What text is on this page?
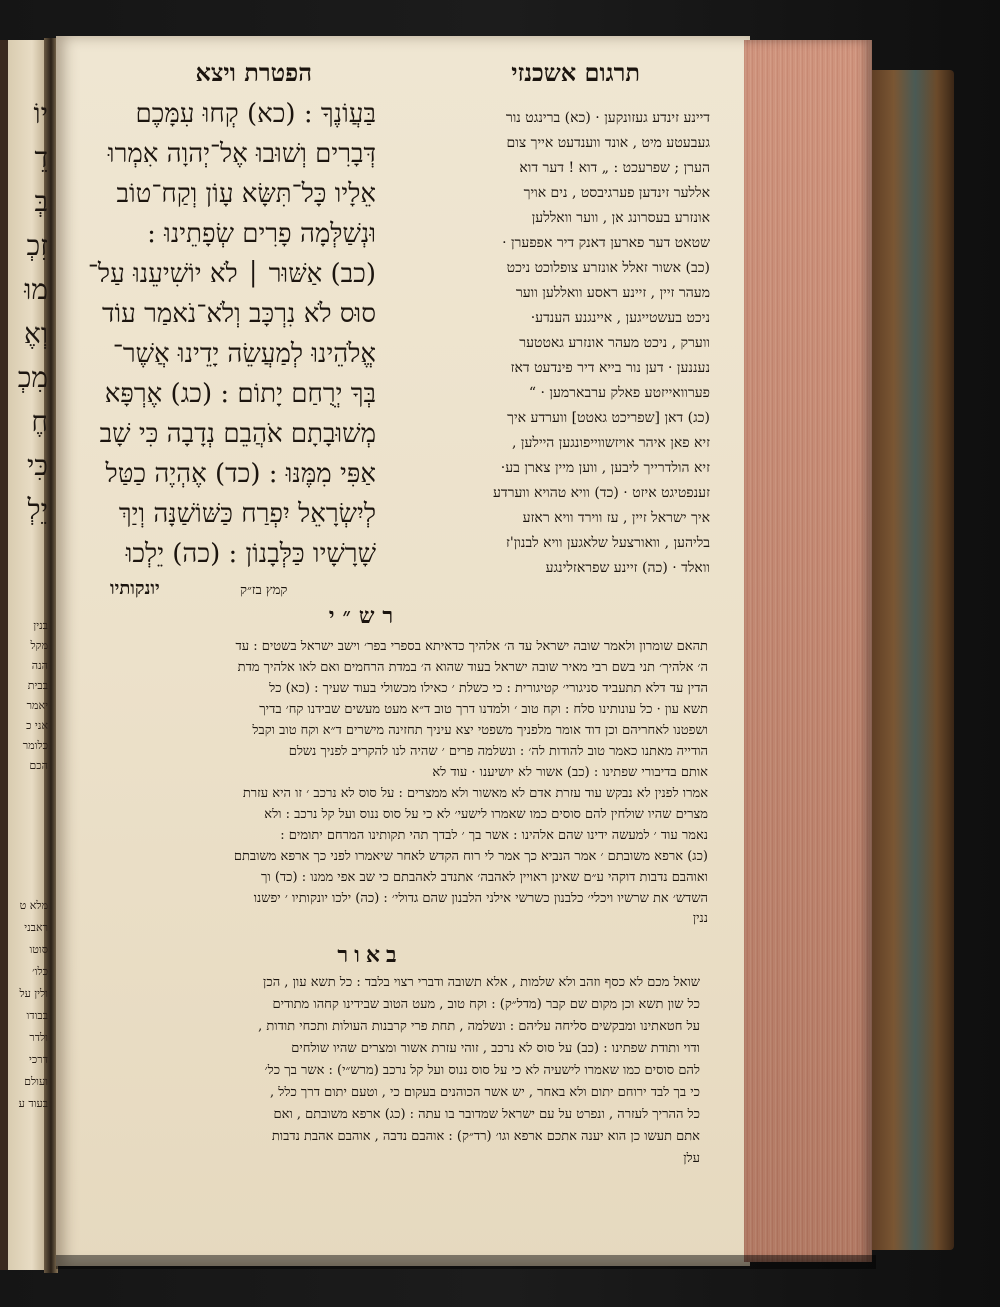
יוֹ
דֵ
בְּ
זִכְ
מוּ
וְאֶ
מִכְ
חֶ
כִּי
יֵלְ
בנין
מקל
הנה
בבית
יאמר
אני כ
כלומר
הכם
מלא ט
ראבני
סוטו
כלו׳
ולין על
בבודו
ולדר
דרכי
ועולם
בעוד ע
תרגום אשכנזי
הפטרת ויצא
בַּעֲוֹנֶךָ : (כא) קְחוּ עִמָּכֶם
דְּבָרִים וְשׁוּבוּ אֶל־יְהוָה אִמְרוּ
אֵלָיו כָּל־תִּשָּׂא עָוֹן וְקַח־טוֹב
וּנְשַׁלְּמָה פָרִים שְׂפָתֵינוּ :
(כב) אַשּׁוּר ׀ לֹא יוֹשִׁיעֵנוּ עַל־
סוּס לֹא נִרְכָּב וְלֹא־נֹאמַר עוֹד
אֱלֹהֵינוּ לְמַעֲשֵׂה יָדֵינוּ אֲשֶׁר־
בְּךָ יְרֻחַם יָתוֹם : (כג) אֶרְפָּא
מְשׁוּבָתָם אֹהֲבֵם נְדָבָה כִּי שָׁב
אַפִּי מִמֶּנּוּ : (כד) אֶהְיֶה כַטַּל
לְיִשְׂרָאֵל יִפְרַח כַּשּׁוֹשַׁנָּה וְיַךְ
שָׁרָשָׁיו כַּלְּבָנוֹן : (כה) יֵלְכוּ
דיינע זינדע געזונקען · (כא) ברינגט נור
געבעטע מיט , אונד ווענדעט אייך צום
הערן ; שפרעכט : „ דוא ! דער דוא
אללער זינדען פערגיבסט , נים אויך
אונזרע בעסרונג אן , ווער וואללען
שטאט דער פארען דאנק דיר אפפערן ·
(כב) אשור זאלל אונזרע צופלוכט ניכט
מעהר זיין , זיינע ראסע וואללען ווער
ניכט בעשטייגען , איינגנע הענדע·
ווערק , ניכט מעהר אונזרע גאטטער
נעננען · דען נור בייא דיר פינדעט דאז
פערוואייזטע פאלק ערבארמען · “
(כג) דאן [שפריכט גאטט] ווערדע איך
זיא פאן איהר אויזשווייפונגען היילען ,
זיא הולדרייך ליבען , ווען מיין צארן בע·
זענפטיגט איזט · (כד) וויא טהויא ווערדע
איך ישראל זיין , עז ווירד וויא ראזע
בליהען , וואורצעל שלאגען וויא לבנון'ז
וואלד · (כה) זיינע שפראזלינגע
יונקותיו	קמץ בז״ק
רש״י
תהאם שומרון ולאמר שובה ישראל עד ה׳ אלהיך כדאיתא בספרי בפר׳ וישב ישראל בשטים : עד
ה׳ אלהיך׳ תני בשם רבי מאיר שובה ישראל בעוד שהוא ה׳ במדת הרחמים ואם לאו אלהיך מדת
הדין עד דלא תתעביד סניגורי׳ קטיגורית : כי כשלת ׳ כאילו מכשולי בעוד שעיך : (כא) כל
תשא עון · כל עונותינו סלח : וקח טוב ׳ ולמדנו דרך טוב ד״א מעט מעשים שבידנו קח׳ בדיך
ושפטנו לאחריהם וכן דוד אומר מלפניך משפטי יצא עיניך תחזינה מישרים ד״א וקח טוב וקבל
הודייה מאתנו כאמר טוב להודות לה׳ : ונשלמה פרים ׳ שהיה לנו להקריב לפניך נשלם
אותם בדיבורי שפתינו : (כב) אשור לא יושיענו · עוד לא
אמרו לפנין לא נבקש עוד עזרת אדם לא מאשור ולא ממצרים : על סוס לא נרכב ׳ זו היא עזרת
מצרים שהיו שולחין להם סוסים כמו שאמרו לישעי׳ לא כי על סוס ננוס ועל קל נרכב : ולא
נאמר עוד ׳ למעשה ידינו שהם אלהינו : אשר בך ׳ לבדך תהי תקותינו המרחם יתומים :
(כג) ארפא משובתם ׳ אמר הנביא כך אמר לי רוח הקדש לאחר שיאמרו לפני כך ארפא משובתם
ואוהבם נדבות דוקהי ע״ם שאינן ראויין לאהבה׳ אתנדב לאהבתם כי שב אפי ממנו : (כד) וך
השדש׳ את שרשיו ויכלי׳ כלבנון כשרשי אילני הלבנון שהם גדולי׳ : (כה) ילכו יונקותיו ׳ יפשנו
ננין
באור
שואל מכם לא כסף וזהב ולא שלמות , אלא תשובה ודברי רצוי בלבד : כל תשא עון , הכן
כל שון תשא וכן מקום שם קבר (מדל״ק) : וקח טוב , מעט הטוב שבידינו קחהו מתודים
על חטאתינו ומבקשים סליחה עליהם : ונשלמה , תחת פרי קרבנות העולות ותכחי תודות ,
ודוי ותודת שפתינו : (כב) על סוס לא נרכב , זוהי עזרת אשור ומצרים שהיו שולחים
להם סוסים כמו שאמרו לישעיה לא כי על סוס ננוס ועל קל נרכב (מרש״י) : אשר בך כל׳
כי בך לבד ירוחם יתום ולא באחר , יש אשר הכוהנים בעקום כי , וטעם יתום דרך כלל ,
כל ההריך לעזרה , ונפרט על עם ישראל שמדובר בו עתה : (כג) ארפא משובתם , ואם
אתם תעשו כן הוא יענה אתכם ארפא וגו׳ (רד״ק) : אוהבם נדבה , אוהבם אהבת נדבות
עלן
